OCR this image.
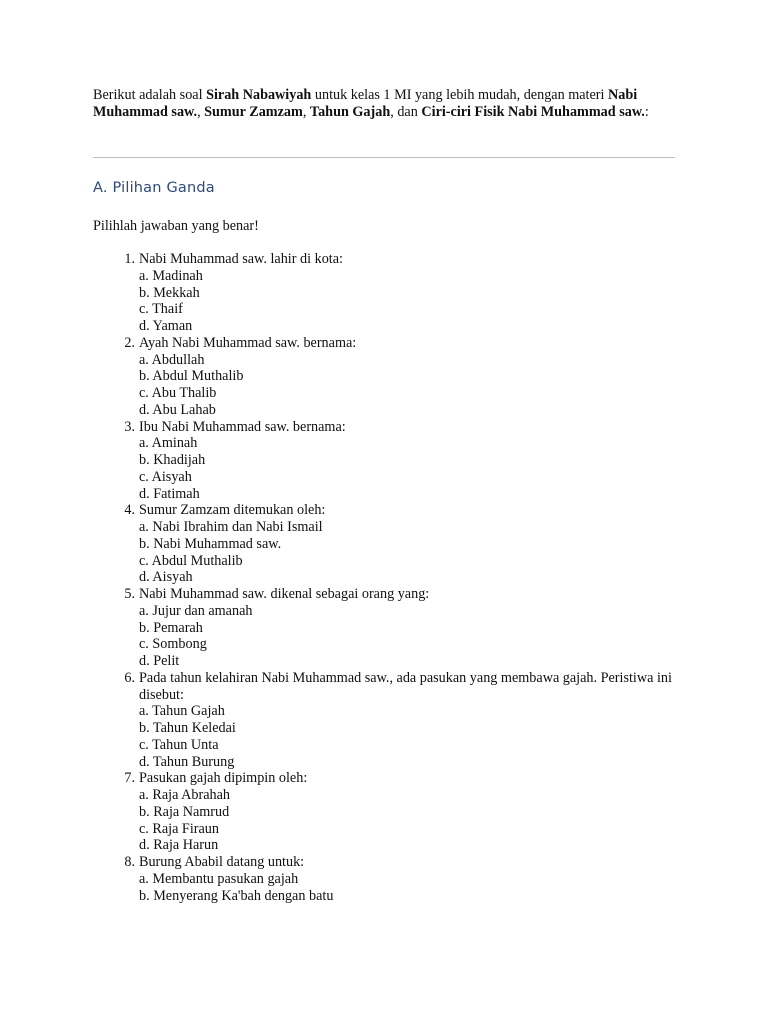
Berikut adalah soal Sirah Nabawiyah untuk kelas 1 MI yang lebih mudah, dengan materi Nabi Muhammad saw., Sumur Zamzam, Tahun Gajah, dan Ciri-ciri Fisik Nabi Muhammad saw.:

A. Pilihan Ganda

Pilihlah jawaban yang benar!

1. Nabi Muhammad saw. lahir di kota:
a. Madinah
b. Mekkah
c. Thaif
d. Yaman
2. Ayah Nabi Muhammad saw. bernama:
a. Abdullah
b. Abdul Muthalib
c. Abu Thalib
d. Abu Lahab
3. Ibu Nabi Muhammad saw. bernama:
a. Aminah
b. Khadijah
c. Aisyah
d. Fatimah
4. Sumur Zamzam ditemukan oleh:
a. Nabi Ibrahim dan Nabi Ismail
b. Nabi Muhammad saw.
c. Abdul Muthalib
d. Aisyah
5. Nabi Muhammad saw. dikenal sebagai orang yang:
a. Jujur dan amanah
b. Pemarah
c. Sombong
d. Pelit
6. Pada tahun kelahiran Nabi Muhammad saw., ada pasukan yang membawa gajah. Peristiwa ini disebut:
a. Tahun Gajah
b. Tahun Keledai
c. Tahun Unta
d. Tahun Burung
7. Pasukan gajah dipimpin oleh:
a. Raja Abrahah
b. Raja Namrud
c. Raja Firaun
d. Raja Harun
8. Burung Ababil datang untuk:
a. Membantu pasukan gajah
b. Menyerang Ka'bah dengan batu
